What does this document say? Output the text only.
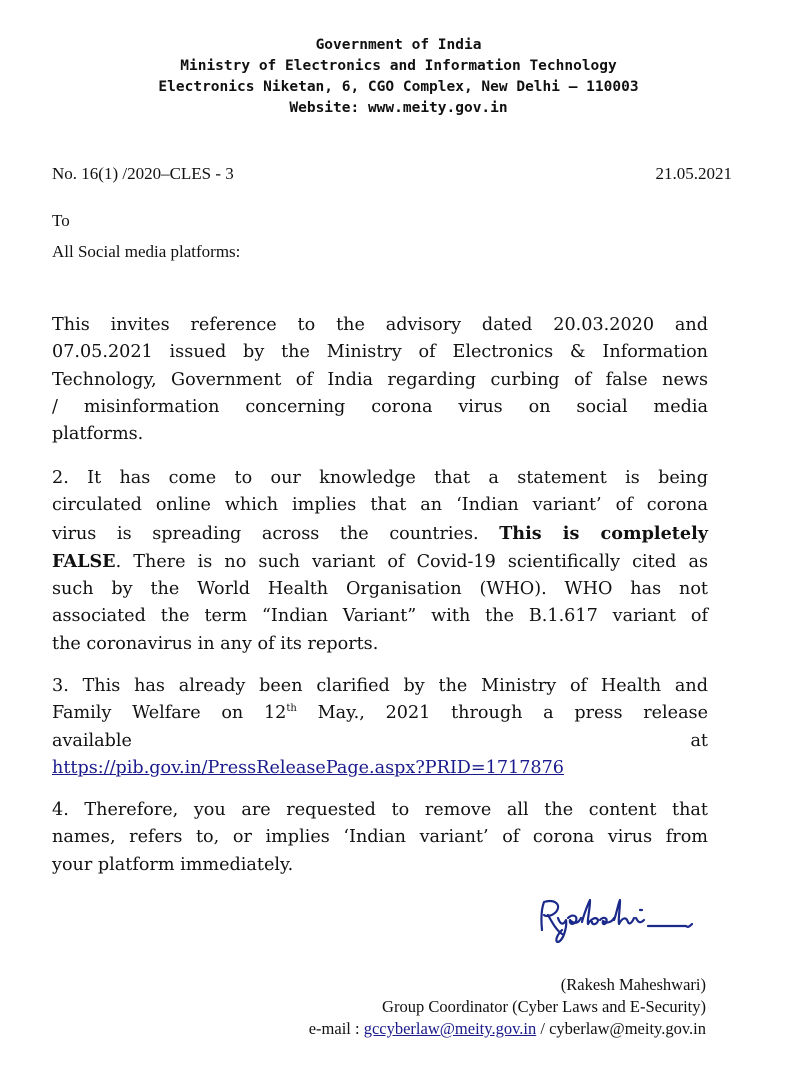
Government of India
Ministry of Electronics and Information Technology
Electronics Niketan, 6, CGO Complex, New Delhi – 110003
Website: www.meity.gov.in
No. 16(1) /2020–CLES - 3	21.05.2021
To
All Social media platforms:
This invites reference to the advisory dated 20.03.2020 and
07.05.2021 issued by the Ministry of Electronics & Information
Technology, Government of India regarding curbing of false news
/ misinformation concerning corona virus on social media
platforms.
2. It has come to our knowledge that a statement is being
circulated online which implies that an ‘Indian variant’ of corona
virus is spreading across the countries. This is completely
FALSE. There is no such variant of Covid-19 scientifically cited as
such by the World Health Organisation (WHO). WHO has not
associated the term “Indian Variant” with the B.1.617 variant of
the coronavirus in any of its reports.
3. This has already been clarified by the Ministry of Health and
Family Welfare on 12th May., 2021 through a press release
available	at
https://pib.gov.in/PressReleasePage.aspx?PRID=1717876
4. Therefore, you are requested to remove all the content that
names, refers to, or implies ‘Indian variant’ of corona virus from
your platform immediately.
(Rakesh Maheshwari)
Group Coordinator (Cyber Laws and E-Security)
e-mail : gccyberlaw@meity.gov.in / cyberlaw@meity.gov.in
